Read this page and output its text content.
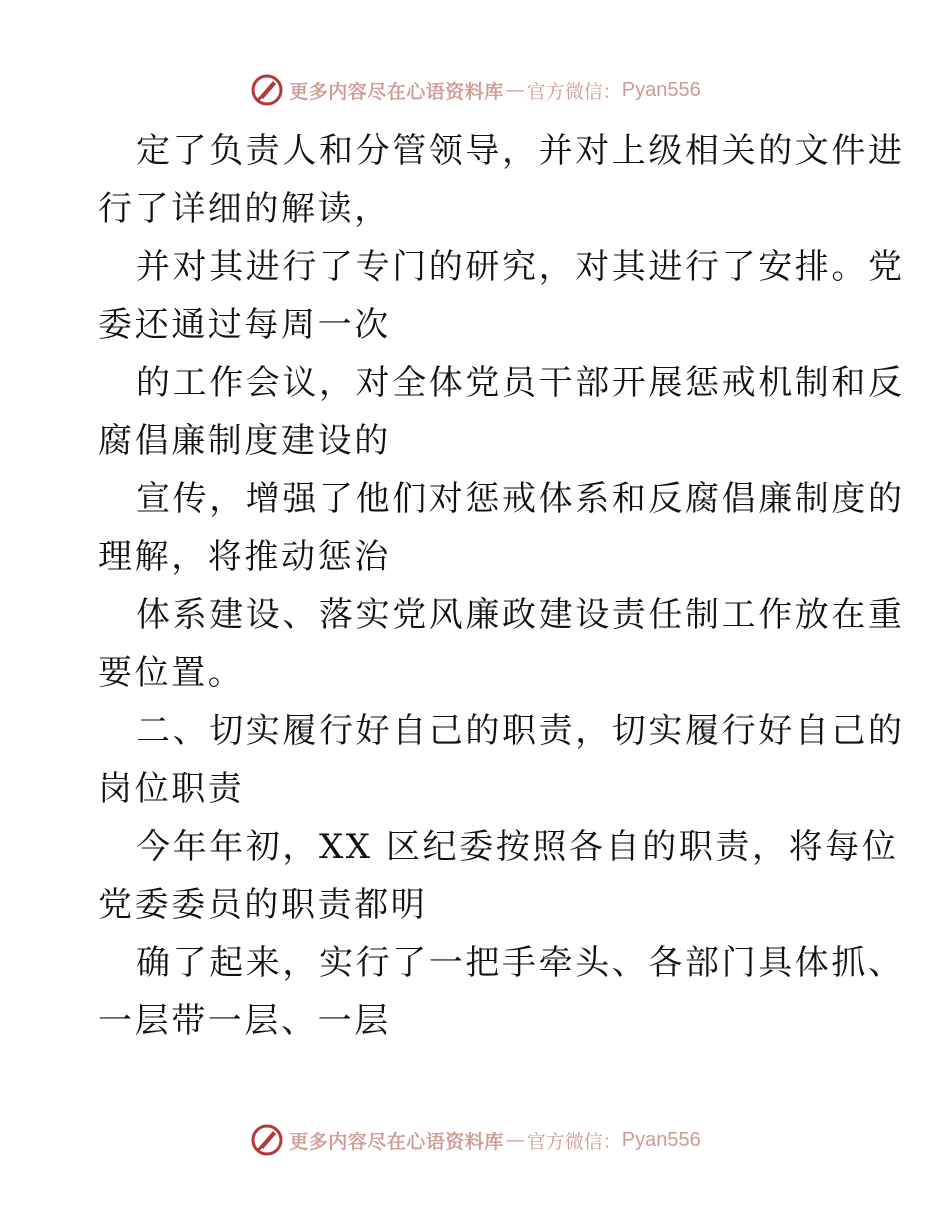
更多内容尽在心语资料库 — 官方微信： Pyan556
定了负责人和分管领导，并对上级相关的文件进
行了详细的解读，
并对其进行了专门的研究，对其进行了安排。党
委还通过每周一次
的工作会议，对全体党员干部开展惩戒机制和反
腐倡廉制度建设的
宣传，增强了他们对惩戒体系和反腐倡廉制度的
理解，将推动惩治
体系建设、落实党风廉政建设责任制工作放在重
要位置。
二、切实履行好自己的职责，切实履行好自己的
岗位职责
今年年初，XX 区纪委按照各自的职责，将每位
党委委员的职责都明
确了起来，实行了一把手牵头、各部门具体抓、
一层带一层、一层
更多内容尽在心语资料库 — 官方微信： Pyan556
